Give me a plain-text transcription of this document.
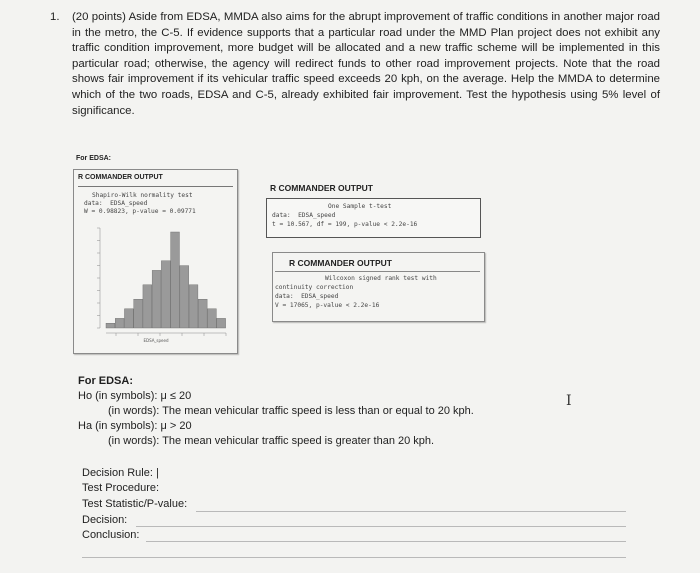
1. (20 points) Aside from EDSA, MMDA also aims for the abrupt improvement of traffic conditions in another major road in the metro, the C-5. If evidence supports that a particular road under the MMD Plan project does not exhibit any traffic condition improvement, more budget will be allocated and a new traffic scheme will be implemented in this particular road; otherwise, the agency will redirect funds to other road improvement projects. Note that the road shows fair improvement if its vehicular traffic speed exceeds 20 kph, on the average. Help the MMDA to determine which of the two roads, EDSA and C-5, already exhibited fair improvement. Test the hypothesis using 5% level of significance.
For EDSA:
R COMMANDER OUTPUT
Shapiro-Wilk normality test
data:  EDSA_speed
W = 0.98823, p-value = 0.09771
EDSA_speed
R COMMANDER OUTPUT
One Sample t-test
data:  EDSA_speed
t = 10.567, df = 199, p-value < 2.2e-16
R COMMANDER OUTPUT
Wilcoxon signed rank test with
continuity correction
data:  EDSA_speed
V = 17065, p-value < 2.2e-16
For EDSA:
Ho (in symbols): μ ≤ 20
(in words): The mean vehicular traffic speed is less than or equal to 20 kph.
Ha (in symbols): μ > 20
(in words): The mean vehicular traffic speed is greater than 20 kph.
I
Decision Rule: |
Test Procedure:
Test Statistic/P-value:
Decision:
Conclusion:
